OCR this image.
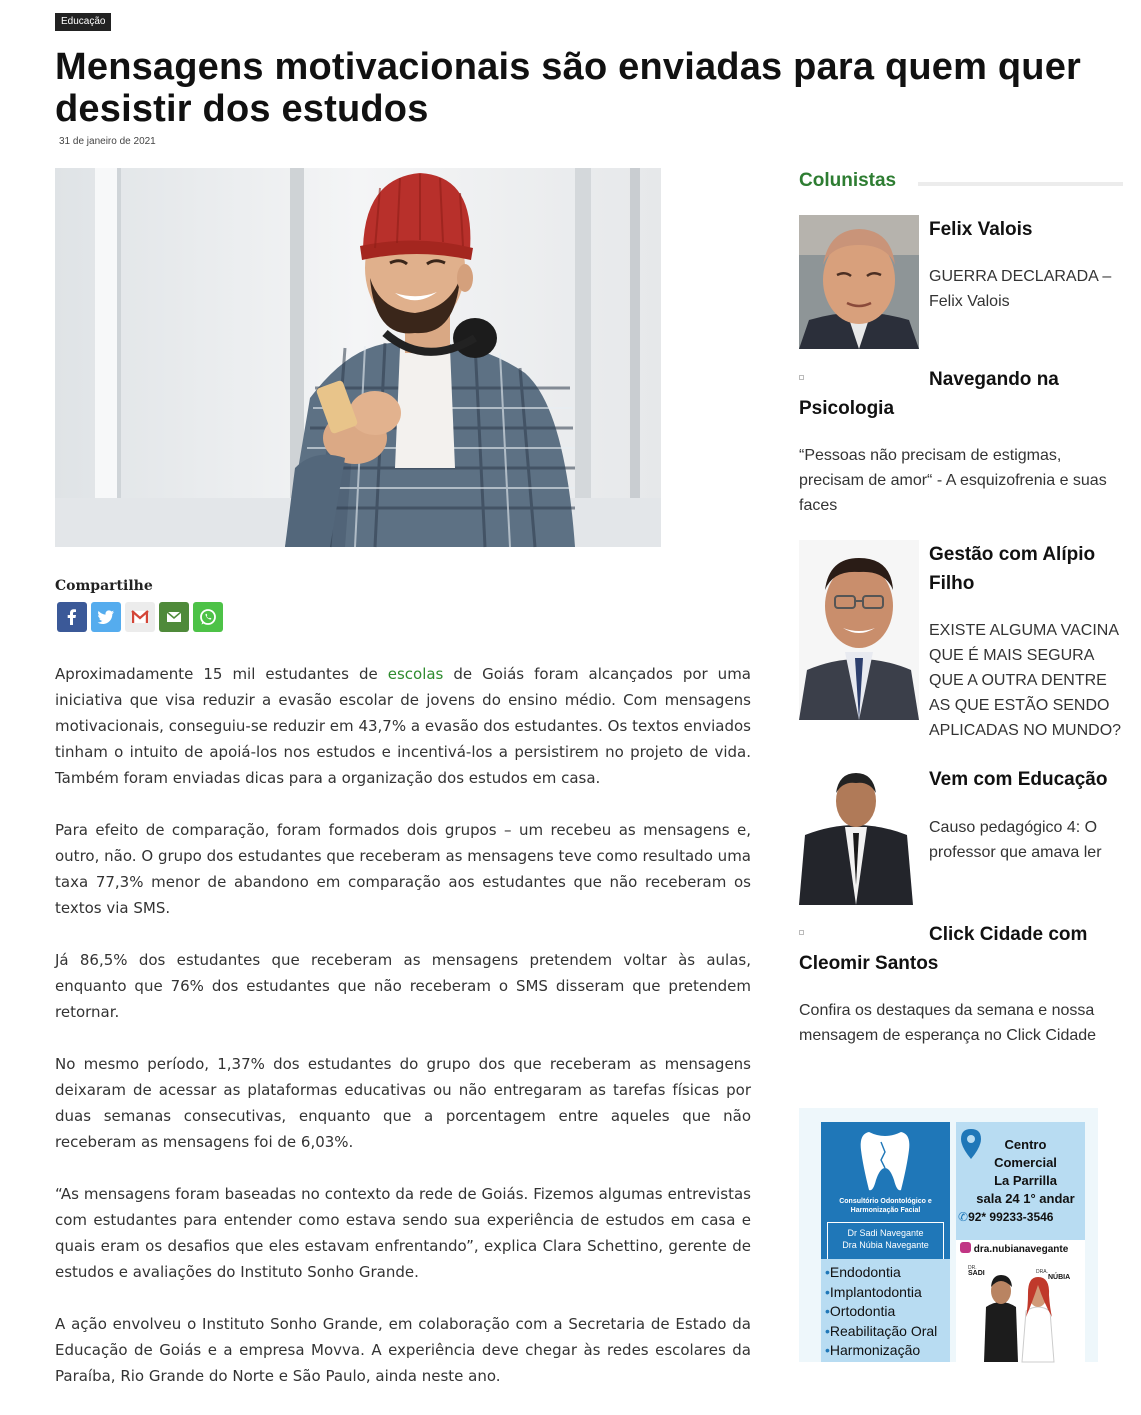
Educação
Mensagens motivacionais são enviadas para quem quer desistir dos estudos
31 de janeiro de 2021
Compartilhe

Aproximadamente 15 mil estudantes de escolas de Goiás foram alcançados por uma iniciativa que visa reduzir a evasão escolar de jovens do ensino médio. Com mensagens motivacionais, conseguiu-se reduzir em 43,7% a evasão dos estudantes. Os textos enviados tinham o intuito de apoiá-los nos estudos e incentivá-los a persistirem no projeto de vida. Também foram enviadas dicas para a organização dos estudos em casa.

Para efeito de comparação, foram formados dois grupos – um recebeu as mensagens e, outro, não. O grupo dos estudantes que receberam as mensagens teve como resultado uma taxa 77,3% menor de abandono em comparação aos estudantes que não receberam os textos via SMS.

Já 86,5% dos estudantes que receberam as mensagens pretendem voltar às aulas, enquanto que 76% dos estudantes que não receberam o SMS disseram que pretendem retornar.

No mesmo período, 1,37% dos estudantes do grupo dos que receberam as mensagens deixaram de acessar as plataformas educativas ou não entregaram as tarefas físicas por duas semanas consecutivas, enquanto que a porcentagem entre aqueles que não receberam as mensagens foi de 6,03%.

“As mensagens foram baseadas no contexto da rede de Goiás. Fizemos algumas entrevistas com estudantes para entender como estava sendo sua experiência de estudos em casa e quais eram os desafios que eles estavam enfrentando”, explica Clara Schettino, gerente de estudos e avaliações do Instituto Sonho Grande.

A ação envolveu o Instituto Sonho Grande, em colaboração com a Secretaria de Estado da Educação de Goiás e a empresa Movva. A experiência deve chegar às redes escolares da Paraíba, Rio Grande do Norte e São Paulo, ainda neste ano.

Colunistas
Felix Valois
GUERRA DECLARADA – Felix Valois
Navegando na
Psicologia
“Pessoas não precisam de estigmas, precisam de amor“ - A esquizofrenia e suas faces
Gestão com Alípio
Filho
EXISTE ALGUMA VACINA QUE É MAIS SEGURA QUE A OUTRA DENTRE AS QUE ESTÃO SENDO APLICADAS NO MUNDO?
Vem com Educação
Causo pedagógico 4: O professor que amava ler
Click Cidade com
Cleomir Santos
Confira os destaques da semana e nossa mensagem de esperança no Click Cidade
Consultório Odontológico e
Harmonização Facial
Dr Sadi Navegante
Dra Núbia Navegante
Centro
Comercial
La Parrilla
sala 24 1° andar
✆92* 99233-3546
dra.nubianavegante
•Endodontia
•Implantodontia
•Ortodontia
•Reabilitação Oral
•Harmonização
DR.
SADI	DRA.
NÚBIA
